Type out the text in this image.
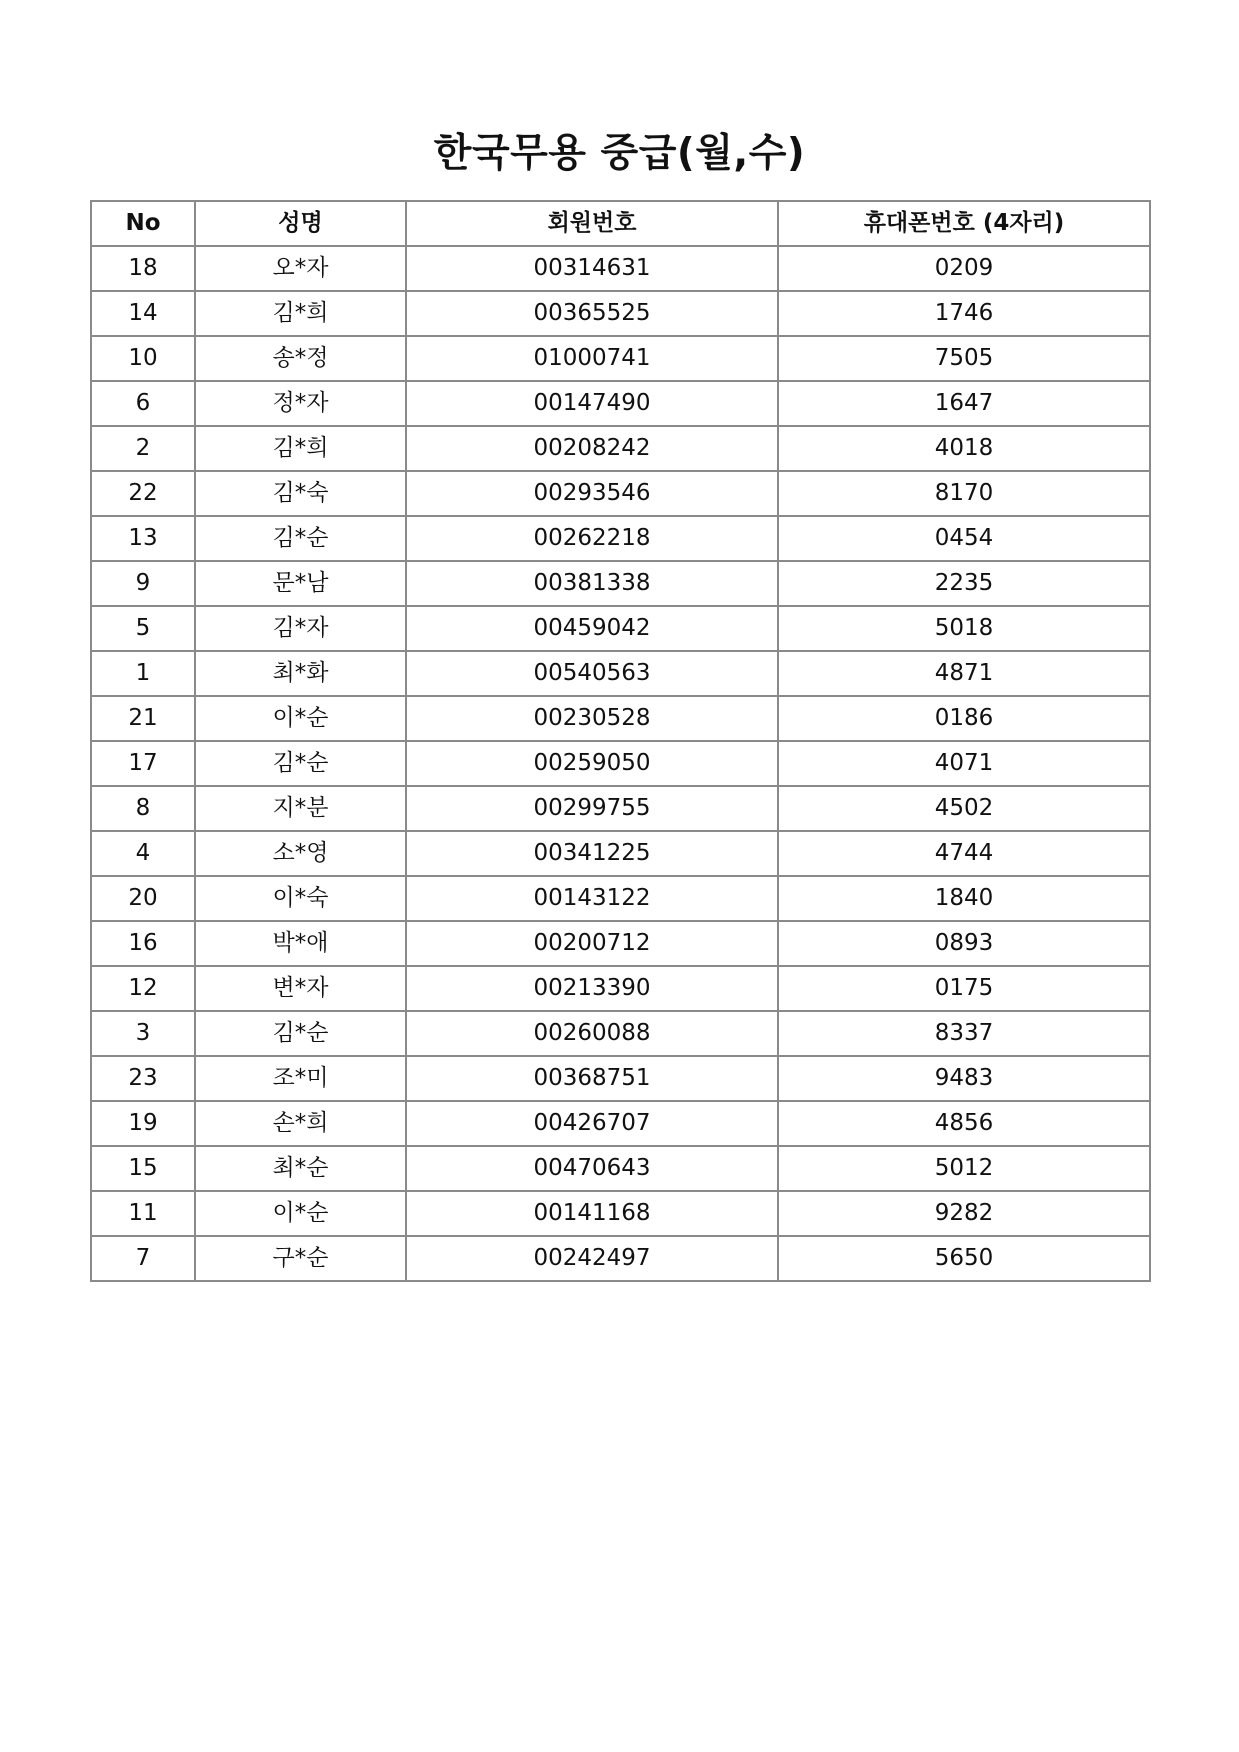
한국무용 중급(월,수)
No	성명	회원번호	휴대폰번호 (4자리)
18	오*자	00314631	0209
14	김*희	00365525	1746
10	송*정	01000741	7505
6	정*자	00147490	1647
2	김*희	00208242	4018
22	김*숙	00293546	8170
13	김*순	00262218	0454
9	문*남	00381338	2235
5	김*자	00459042	5018
1	최*화	00540563	4871
21	이*순	00230528	0186
17	김*순	00259050	4071
8	지*분	00299755	4502
4	소*영	00341225	4744
20	이*숙	00143122	1840
16	박*애	00200712	0893
12	변*자	00213390	0175
3	김*순	00260088	8337
23	조*미	00368751	9483
19	손*희	00426707	4856
15	최*순	00470643	5012
11	이*순	00141168	9282
7	구*순	00242497	5650
